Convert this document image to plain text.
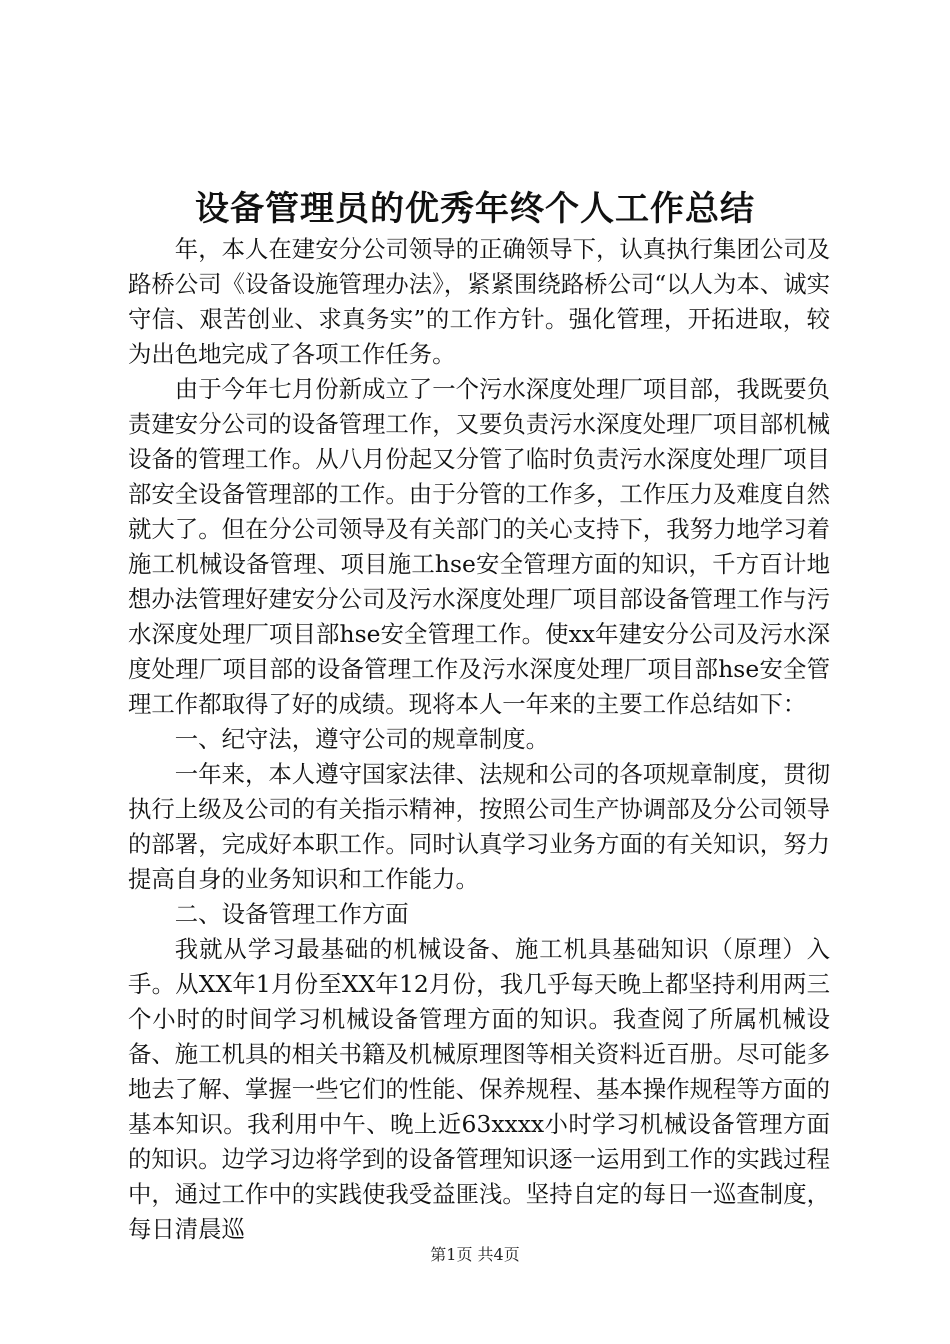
设备管理员的优秀年终个人工作总结

年，本人在建安分公司领导的正确领导下，认真执行集团公司及路桥公司《设备设施管理办法》，紧紧围绕路桥公司“以人为本、诚实守信、艰苦创业、求真务实”的工作方针。强化管理，开拓进取，较为出色地完成了各项工作任务。

由于今年七月份新成立了一个污水深度处理厂项目部，我既要负责建安分公司的设备管理工作，又要负责污水深度处理厂项目部机械设备的管理工作。从八月份起又分管了临时负责污水深度处理厂项目部安全设备管理部的工作。由于分管的工作多，工作压力及难度自然就大了。但在分公司领导及有关部门的关心支持下，我努力地学习着施工机械设备管理、项目施工hse安全管理方面的知识，千方百计地想办法管理好建安分公司及污水深度处理厂项目部设备管理工作与污水深度处理厂项目部hse安全管理工作。使xx年建安分公司及污水深度处理厂项目部的设备管理工作及污水深度处理厂项目部hse安全管理工作都取得了好的成绩。现将本人一年来的主要工作总结如下：

一、纪守法，遵守公司的规章制度。

一年来，本人遵守国家法律、法规和公司的各项规章制度，贯彻执行上级及公司的有关指示精神，按照公司生产协调部及分公司领导的部署，完成好本职工作。同时认真学习业务方面的有关知识，努力提高自身的业务知识和工作能力。

二、设备管理工作方面

我就从学习最基础的机械设备、施工机具基础知识（原理）入手。从XX年1月份至XX年12月份，我几乎每天晚上都坚持利用两三个小时的时间学习机械设备管理方面的知识。我查阅了所属机械设备、施工机具的相关书籍及机械原理图等相关资料近百册。尽可能多地去了解、掌握一些它们的性能、保养规程、基本操作规程等方面的基本知识。我利用中午、晚上近63xxxx小时学习机械设备管理方面的知识。边学习边将学到的设备管理知识逐一运用到工作的实践过程中，通过工作中的实践使我受益匪浅。坚持自定的每日一巡查制度，每日清晨巡

第1页 共4页
